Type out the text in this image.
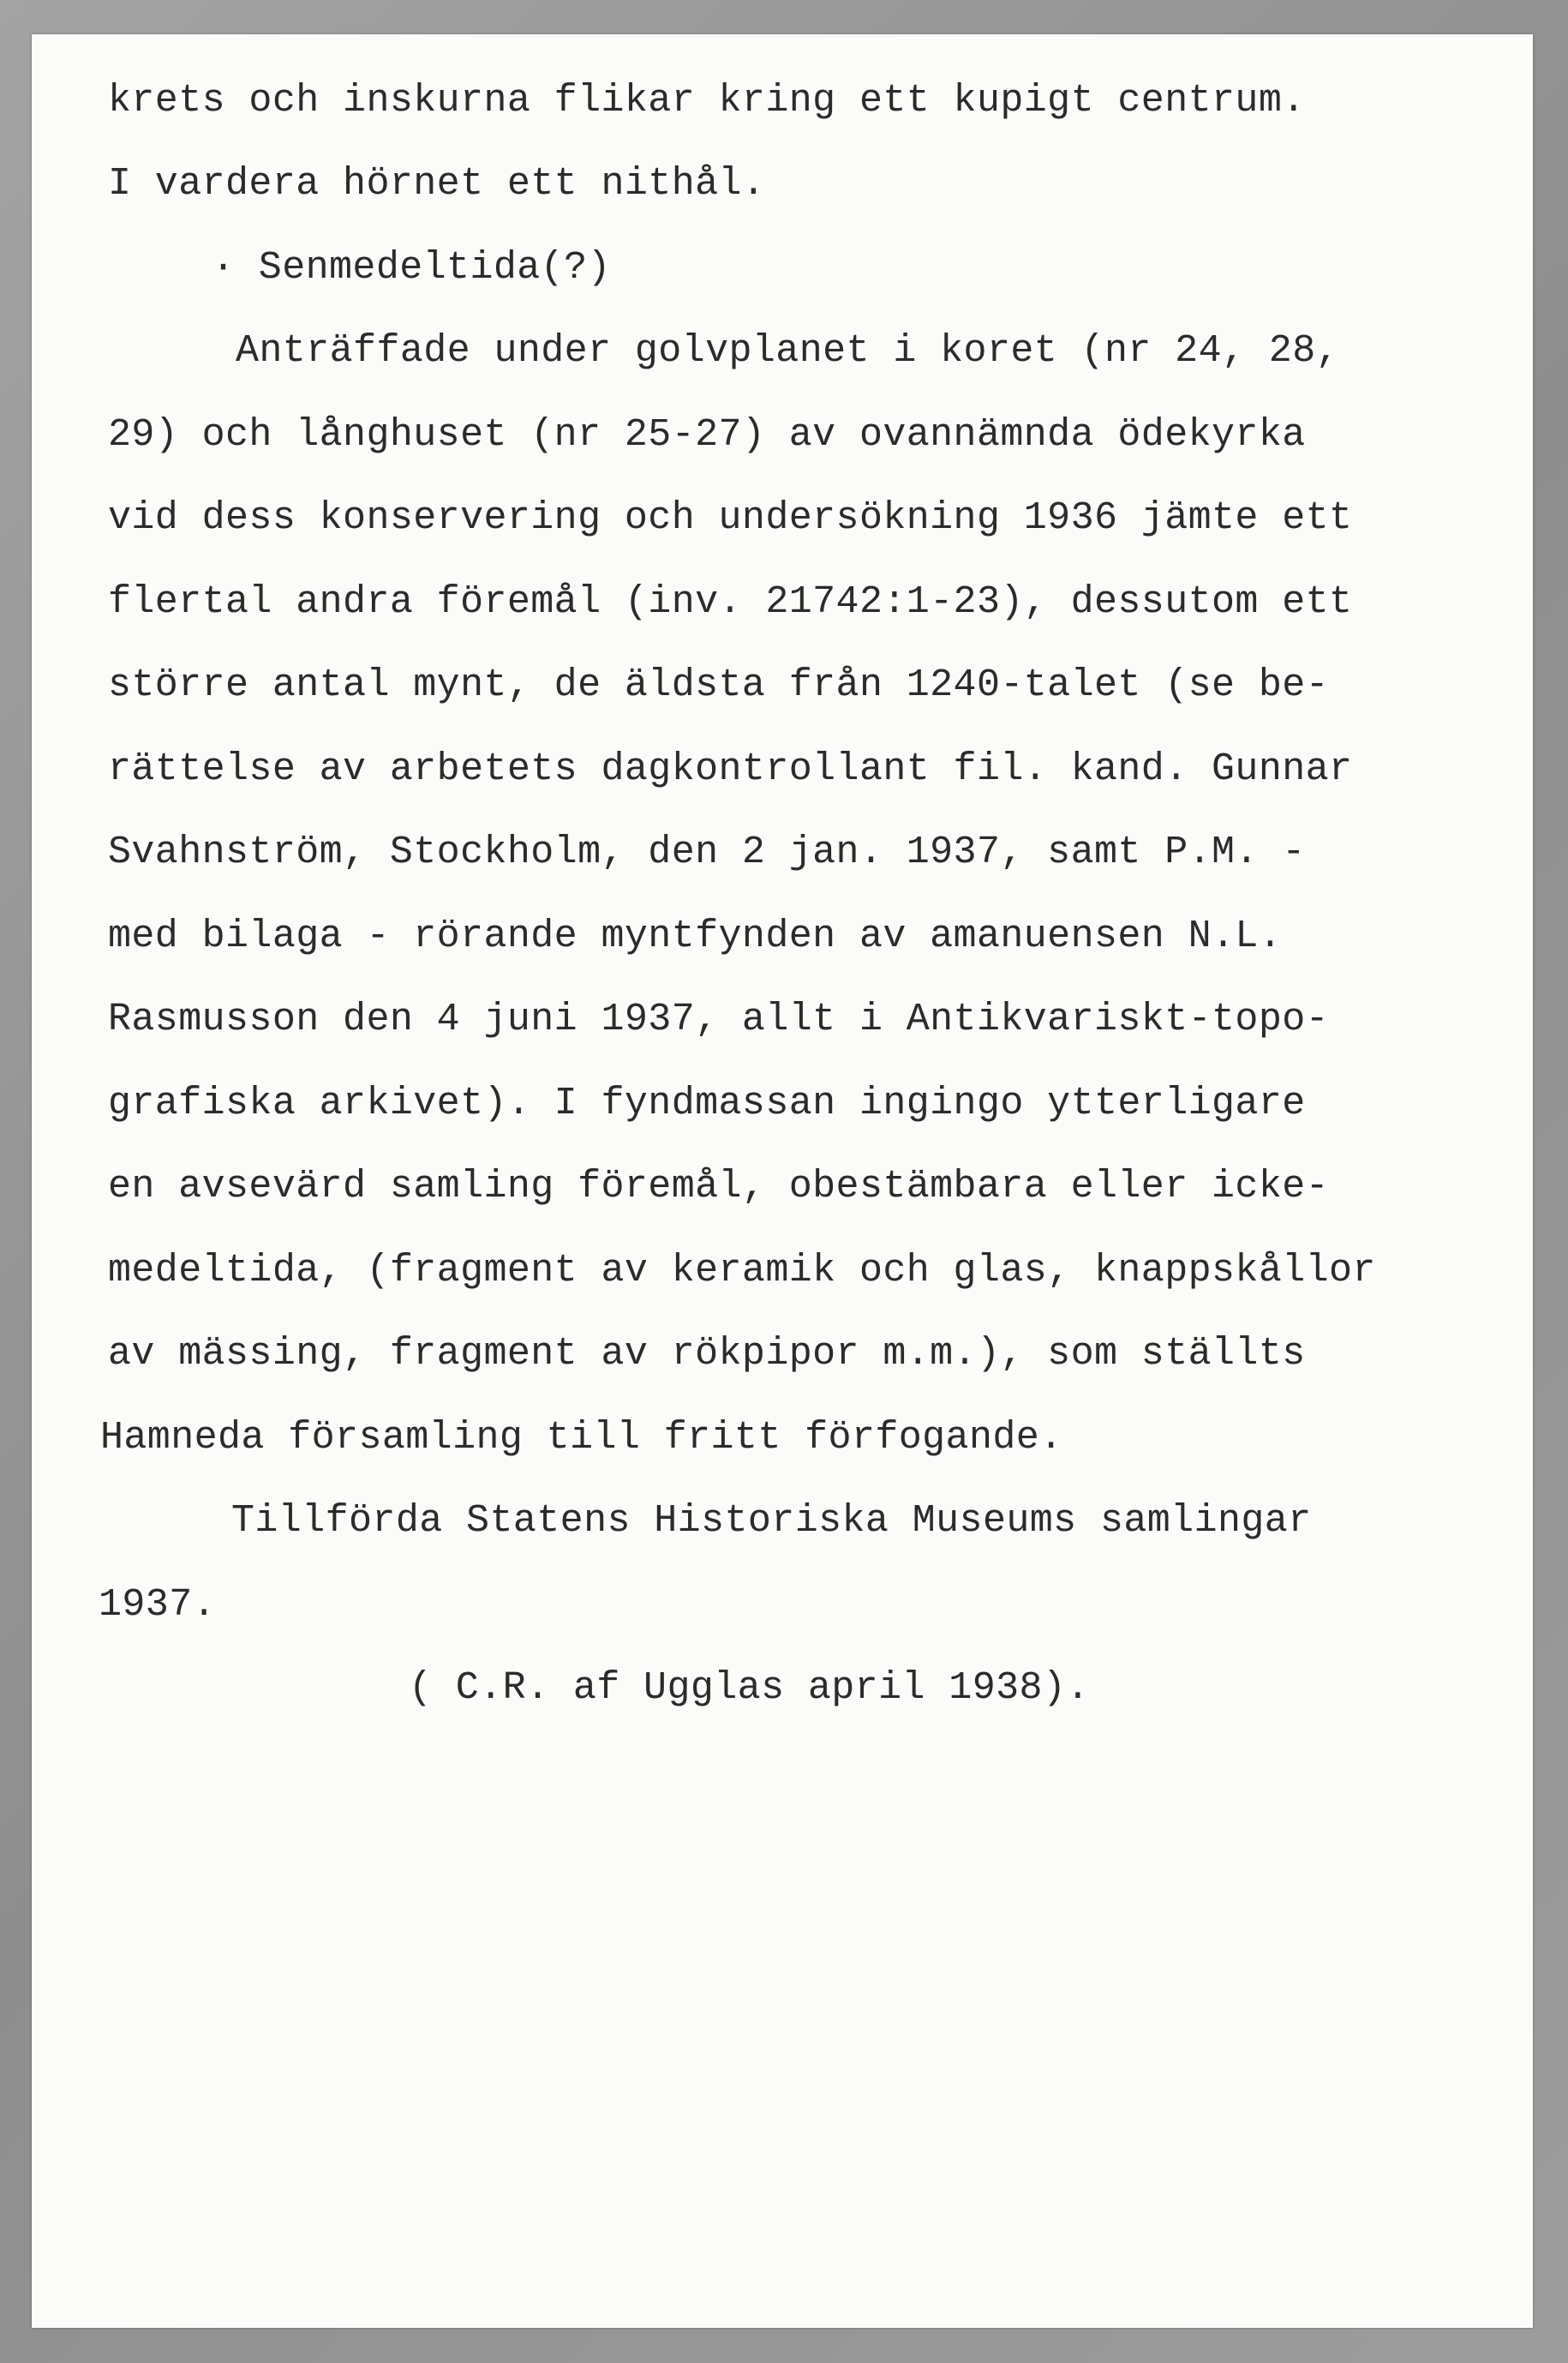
krets och inskurna flikar kring ett kupigt centrum.

I vardera hörnet ett nithål.

· Senmedeltida(?)

Anträffade under golvplanet i koret (nr 24, 28,

29) och långhuset (nr 25-27) av ovannämnda ödekyrka

vid dess konservering och undersökning 1936 jämte ett

flertal andra föremål (inv. 21742:1-23), dessutom ett

större antal mynt, de äldsta från 1240-talet (se be-

rättelse av arbetets dagkontrollant fil. kand. Gunnar

Svahnström, Stockholm, den 2 jan. 1937, samt P.M. -

med bilaga - rörande myntfynden av amanuensen N.L.

Rasmusson den 4 juni 1937, allt i Antikvariskt-topo-

grafiska arkivet). I fyndmassan ingingo ytterligare

en avsevärd samling föremål, obestämbara eller icke-

medeltida, (fragment av keramik och glas, knappskållor

av mässing, fragment av rökpipor m.m.), som ställts

Hamneda församling till fritt förfogande.

Tillförda Statens Historiska Museums samlingar

1937.

( C.R. af Ugglas april 1938).
